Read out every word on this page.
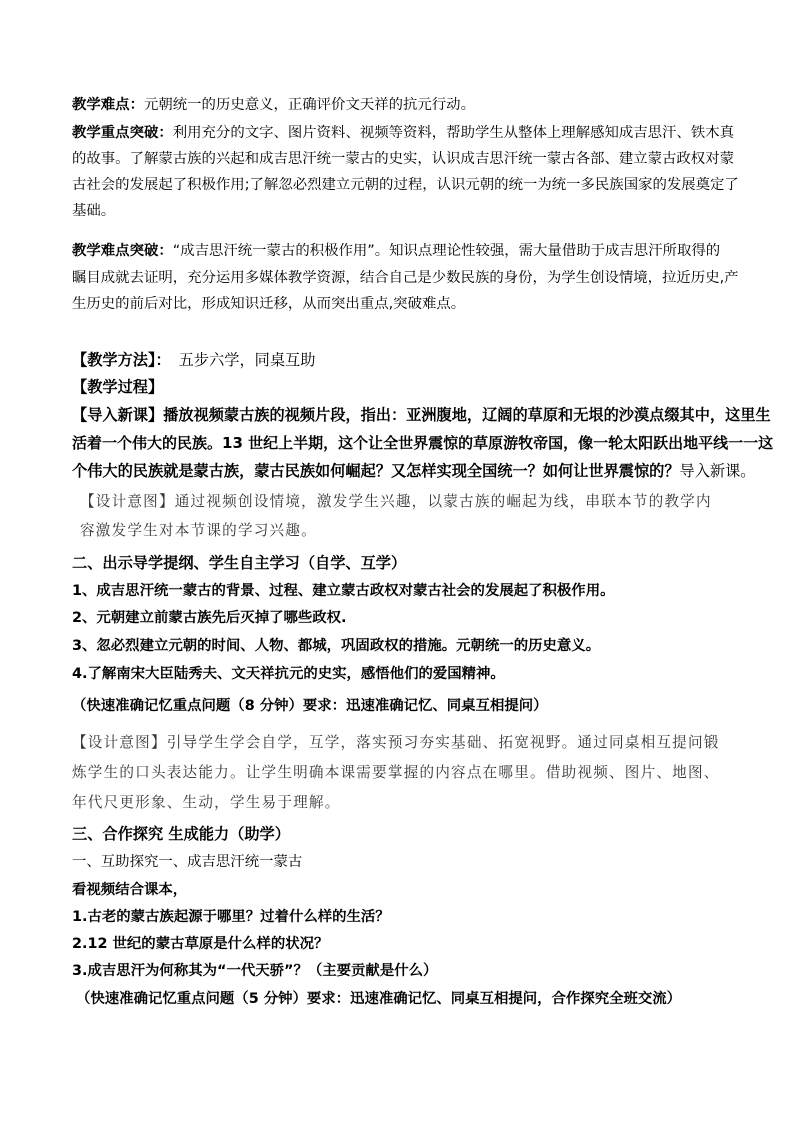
教学难点：元朝统一的历史意义，正确评价文天祥的抗元行动。
教学重点突破：利用充分的文字、图片资料、视频等资料，帮助学生从整体上理解感知成吉思汗、铁木真
的故事。了解蒙古族的兴起和成吉思汗统一蒙古的史实，认识成吉思汗统一蒙古各部、建立蒙古政权对蒙
古社会的发展起了积极作用;了解忽必烈建立元朝的过程，认识元朝的统一为统一多民族国家的发展奠定了
基础。
教学难点突破：“成吉思汗统一蒙古的积极作用”。知识点理论性较强，需大量借助于成吉思汗所取得的
瞩目成就去证明，充分运用多媒体教学资源，结合自己是少数民族的身份，为学生创设情境，拉近历史,产
生历史的前后对比，形成知识迁移，从而突出重点,突破难点。
【教学方法】： 五步六学，同桌互助
【教学过程】
【导入新课】播放视频蒙古族的视频片段，指出：亚洲腹地，辽阔的草原和无垠的沙漠点缀其中，这里生
活着一个伟大的民族。13 世纪上半期，这个让全世界震惊的草原游牧帝国，像一轮太阳跃出地平线一一这
个伟大的民族就是蒙古族，蒙古民族如何崛起？又怎样实现全国统一？如何让世界震惊的？导入新课。
【设计意图】通过视频创设情境，激发学生兴趣，以蒙古族的崛起为线，串联本节的教学内
容激发学生对本节课的学习兴趣。
二、出示导学提纲、学生自主学习（自学、互学）
1、成吉思汗统一蒙古的背景、过程、建立蒙古政权对蒙古社会的发展起了积极作用。
2、元朝建立前蒙古族先后灭掉了哪些政权.
3、忽必烈建立元朝的时间、人物、都城，巩固政权的措施。元朝统一的历史意义。
4.了解南宋大臣陆秀夫、文天祥抗元的史实，感悟他们的爱国精神。
（快速准确记忆重点问题（8 分钟）要求：迅速准确记忆、同桌互相提问）
【设计意图】引导学生学会自学，互学，落实预习夯实基础、拓宽视野。通过同桌相互提问锻
炼学生的口头表达能力。让学生明确本课需要掌握的内容点在哪里。借助视频、图片、地图、
年代尺更形象、生动，学生易于理解。
三、合作探究 生成能力（助学）
一、互助探究一、成吉思汗统一蒙古
看视频结合课本，
1.古老的蒙古族起源于哪里？过着什么样的生活？
2.12 世纪的蒙古草原是什么样的状况？
3.成吉思汗为何称其为“一代天骄”？（主要贡献是什么）
（快速准确记忆重点问题（5 分钟）要求：迅速准确记忆、同桌互相提问，合作探究全班交流）
